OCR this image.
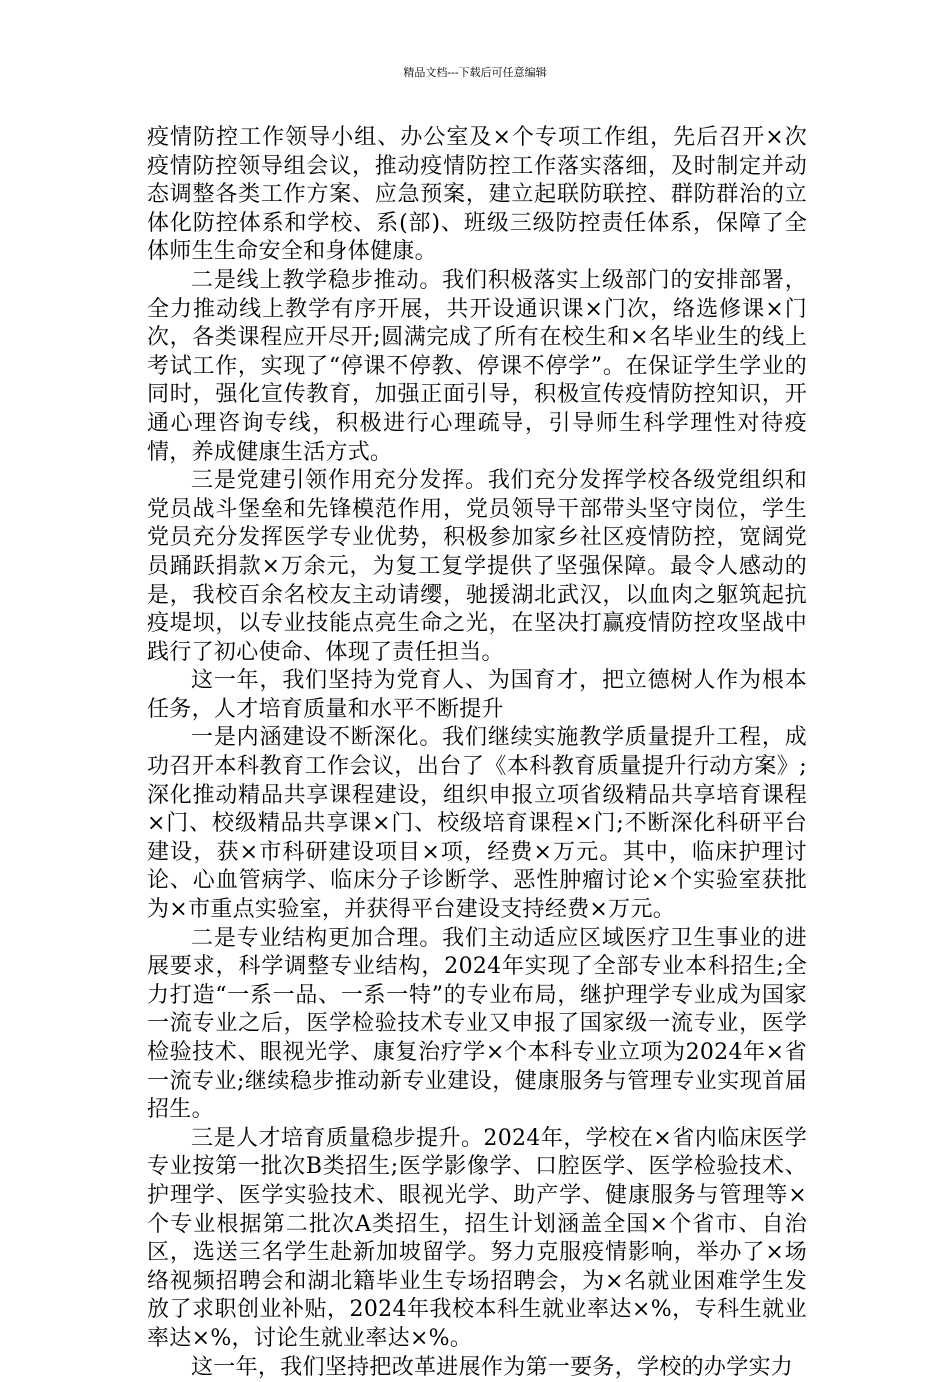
精品文档---下载后可任意编辑

疫情防控工作领导小组、办公室及×个专项工作组，先后召开×次疫情防控领导组会议，推动疫情防控工作落实落细，及时制定并动态调整各类工作方案、应急预案，建立起联防联控、群防群治的立体化防控体系和学校、系(部)、班级三级防控责任体系，保障了全体师生生命安全和身体健康。

二是线上教学稳步推动。我们积极落实上级部门的安排部署，全力推动线上教学有序开展，共开设通识课×门次，络选修课×门次，各类课程应开尽开;圆满完成了所有在校生和×名毕业生的线上考试工作，实现了“停课不停教、停课不停学”。在保证学生学业的同时，强化宣传教育，加强正面引导，积极宣传疫情防控知识，开通心理咨询专线，积极进行心理疏导，引导师生科学理性对待疫情，养成健康生活方式。

三是党建引领作用充分发挥。我们充分发挥学校各级党组织和党员战斗堡垒和先锋模范作用，党员领导干部带头坚守岗位，学生党员充分发挥医学专业优势，积极参加家乡社区疫情防控，宽阔党员踊跃捐款×万余元，为复工复学提供了坚强保障。最令人感动的是，我校百余名校友主动请缨，驰援湖北武汉，以血肉之躯筑起抗疫堤坝，以专业技能点亮生命之光，在坚决打赢疫情防控攻坚战中践行了初心使命、体现了责任担当。

这一年，我们坚持为党育人、为国育才，把立德树人作为根本任务，人才培育质量和水平不断提升

一是内涵建设不断深化。我们继续实施教学质量提升工程，成功召开本科教育工作会议，出台了《本科教育质量提升行动方案》;深化推动精品共享课程建设，组织申报立项省级精品共享培育课程×门、校级精品共享课×门、校级培育课程×门;不断深化科研平台建设，获×市科研建设项目×项，经费×万元。其中，临床护理讨论、心血管病学、临床分子诊断学、恶性肿瘤讨论×个实验室获批为×市重点实验室，并获得平台建设支持经费×万元。

二是专业结构更加合理。我们主动适应区域医疗卫生事业的进展要求，科学调整专业结构，2024年实现了全部专业本科招生;全力打造“一系一品、一系一特”的专业布局，继护理学专业成为国家一流专业之后，医学检验技术专业又申报了国家级一流专业，医学检验技术、眼视光学、康复治疗学×个本科专业立项为2024年×省一流专业;继续稳步推动新专业建设，健康服务与管理专业实现首届招生。

三是人才培育质量稳步提升。2024年，学校在×省内临床医学专业按第一批次B类招生;医学影像学、口腔医学、医学检验技术、护理学、医学实验技术、眼视光学、助产学、健康服务与管理等×个专业根据第二批次A类招生，招生计划涵盖全国×个省市、自治区，选送三名学生赴新加坡留学。努力克服疫情影响，举办了×场络视频招聘会和湖北籍毕业生专场招聘会，为×名就业困难学生发放了求职创业补贴，2024年我校本科生就业率达×%，专科生就业率达×%，讨论生就业率达×%。

这一年，我们坚持把改革进展作为第一要务，学校的办学实力
